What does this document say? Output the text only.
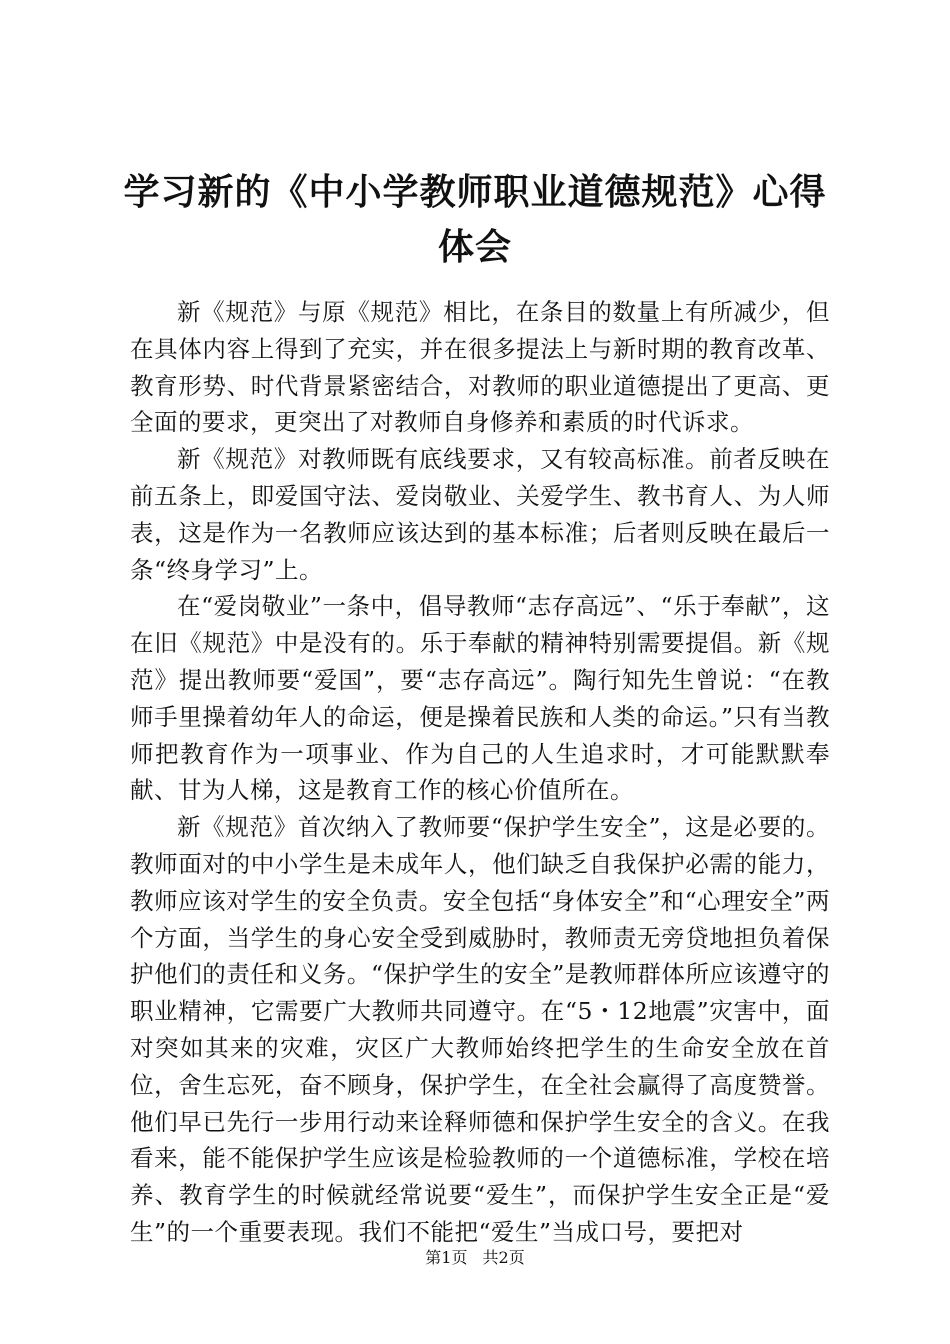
学习新的《中小学教师职业道德规范》心得体会

新《规范》与原《规范》相比，在条目的数量上有所减少，但在具体内容上得到了充实，并在很多提法上与新时期的教育改革、教育形势、时代背景紧密结合，对教师的职业道德提出了更高、更全面的要求，更突出了对教师自身修养和素质的时代诉求。

新《规范》对教师既有底线要求，又有较高标准。前者反映在前五条上，即爱国守法、爱岗敬业、关爱学生、教书育人、为人师表，这是作为一名教师应该达到的基本标准；后者则反映在最后一条“终身学习”上。

在“爱岗敬业”一条中，倡导教师“志存高远”、“乐于奉献”，这在旧《规范》中是没有的。乐于奉献的精神特别需要提倡。新《规范》提出教师要“爱国”，要“志存高远”。陶行知先生曾说：“在教师手里操着幼年人的命运，便是操着民族和人类的命运。”只有当教师把教育作为一项事业、作为自己的人生追求时，才可能默默奉献、甘为人梯，这是教育工作的核心价值所在。

新《规范》首次纳入了教师要“保护学生安全”，这是必要的。教师面对的中小学生是未成年人，他们缺乏自我保护必需的能力，教师应该对学生的安全负责。安全包括“身体安全”和“心理安全”两个方面，当学生的身心安全受到威胁时，教师责无旁贷地担负着保护他们的责任和义务。“保护学生的安全”是教师群体所应该遵守的职业精神，它需要广大教师共同遵守。在“5・12地震”灾害中，面对突如其来的灾难，灾区广大教师始终把学生的生命安全放在首位，舍生忘死，奋不顾身，保护学生，在全社会赢得了高度赞誉。他们早已先行一步用行动来诠释师德和保护学生安全的含义。在我看来，能不能保护学生应该是检验教师的一个道德标准，学校在培养、教育学生的时候就经常说要“爱生”，而保护学生安全正是“爱生”的一个重要表现。我们不能把“爱生”当成口号，要把对

第1页 共2页
